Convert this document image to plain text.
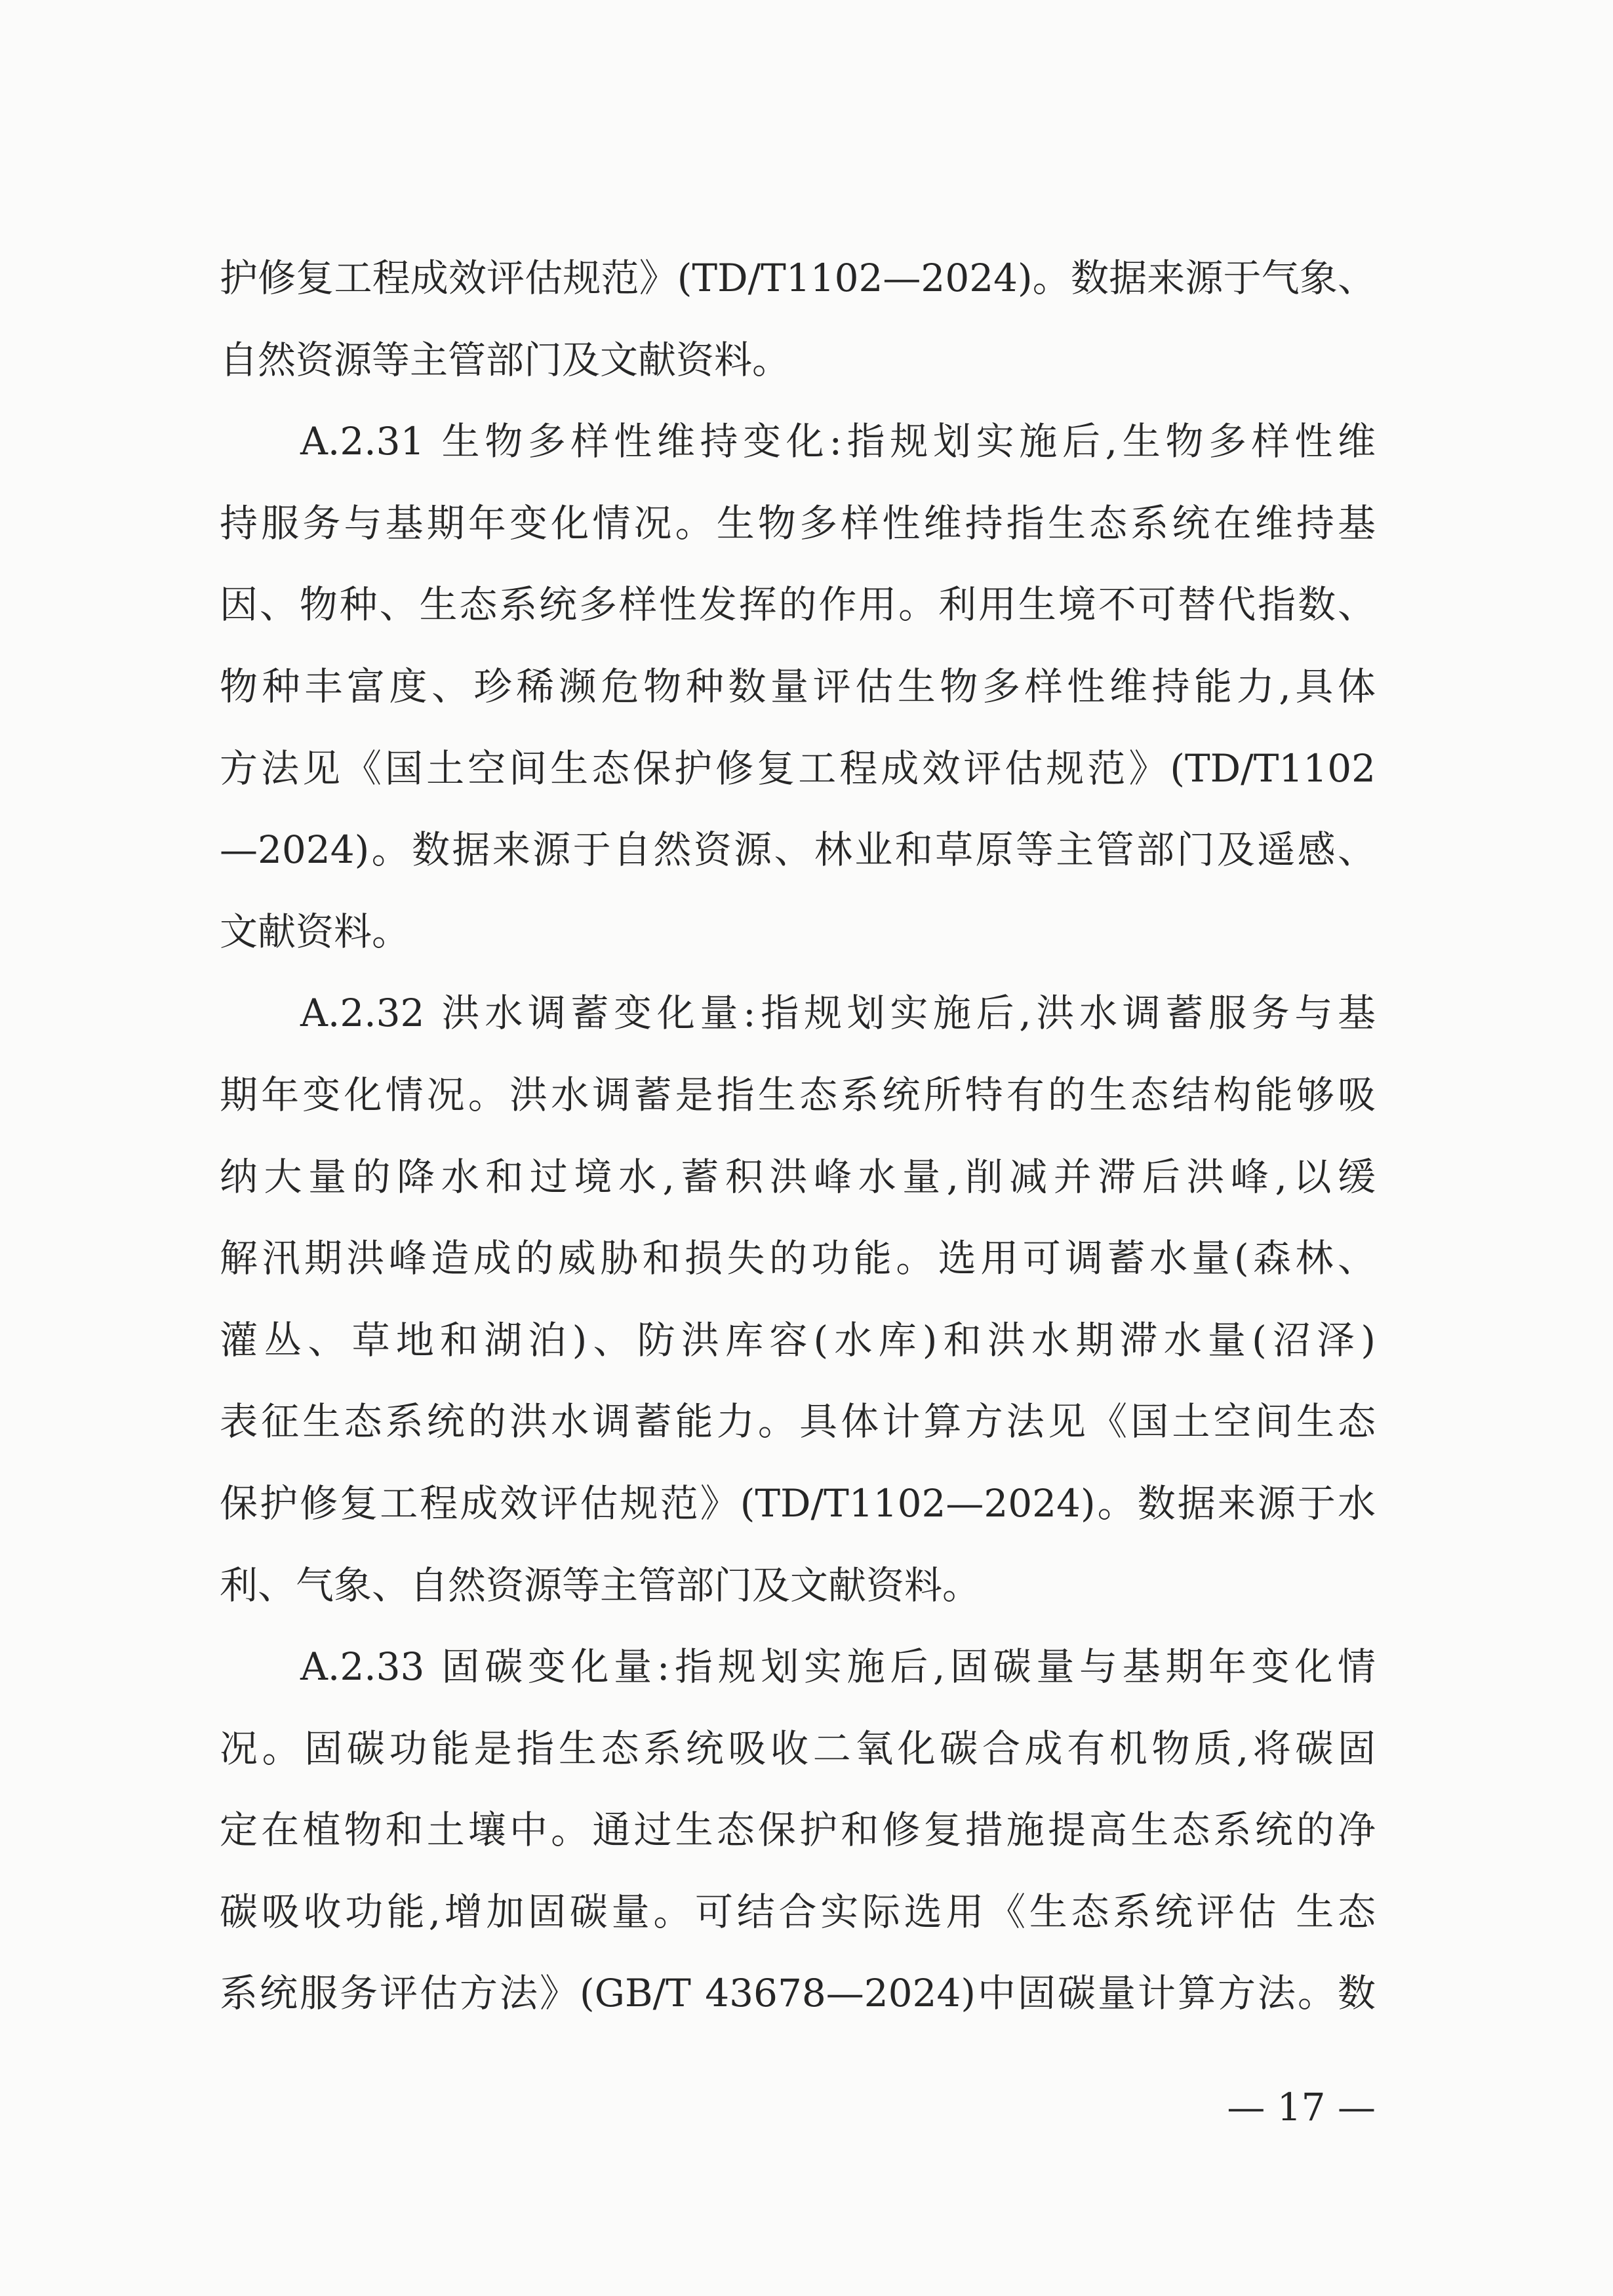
护修复工程成效评估规范》(TD/T1102—2024)。数据来源于气象、
自然资源等主管部门及文献资料。
A.2.31 生物多样性维持变化:指规划实施后,生物多样性维
持服务与基期年变化情况。生物多样性维持指生态系统在维持基
因、物种、生态系统多样性发挥的作用。利用生境不可替代指数、
物种丰富度、珍稀濒危物种数量评估生物多样性维持能力,具体
方法见《国土空间生态保护修复工程成效评估规范》(TD/T1102
—2024)。数据来源于自然资源、林业和草原等主管部门及遥感、
文献资料。
A.2.32 洪水调蓄变化量:指规划实施后,洪水调蓄服务与基
期年变化情况。洪水调蓄是指生态系统所特有的生态结构能够吸
纳大量的降水和过境水,蓄积洪峰水量,削减并滞后洪峰,以缓
解汛期洪峰造成的威胁和损失的功能。选用可调蓄水量(森林、
灌丛、草地和湖泊)、防洪库容(水库)和洪水期滞水量(沼泽)
表征生态系统的洪水调蓄能力。具体计算方法见《国土空间生态
保护修复工程成效评估规范》(TD/T1102—2024)。数据来源于水
利、气象、自然资源等主管部门及文献资料。
A.2.33 固碳变化量:指规划实施后,固碳量与基期年变化情
况。固碳功能是指生态系统吸收二氧化碳合成有机物质,将碳固
定在植物和土壤中。通过生态保护和修复措施提高生态系统的净
碳吸收功能,增加固碳量。可结合实际选用《生态系统评估 生态
系统服务评估方法》(GB/T 43678—2024)中固碳量计算方法。数
— 17 —
